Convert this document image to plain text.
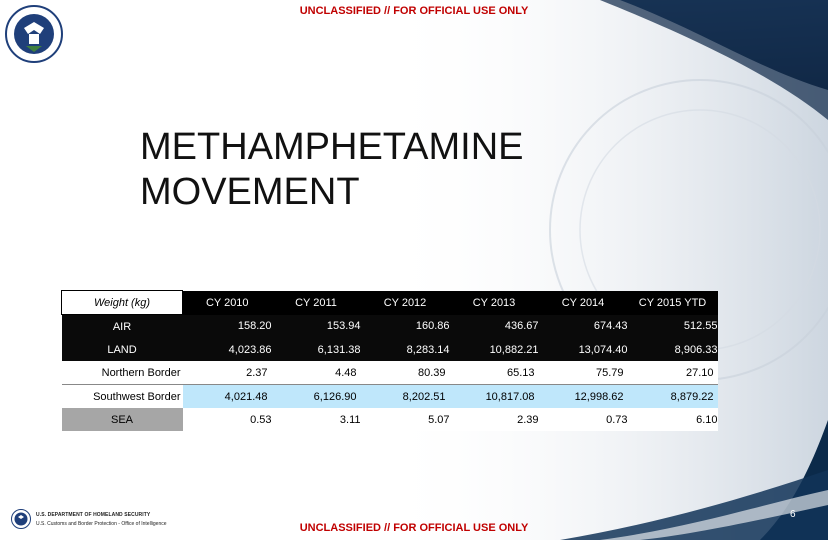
UNCLASSIFIED // FOR OFFICIAL USE ONLY
METHAMPHETAMINE
MOVEMENT
Weight (kg)	CY 2010	CY 2011	CY 2012	CY 2013	CY 2014	CY 2015 YTD
AIR	158.20	153.94	160.86	436.67	674.43	512.55
LAND	4,023.86	6,131.38	8,283.14	10,882.21	13,074.40	8,906.33
Northern Border	2.37	4.48	80.39	65.13	75.79	27.10
Southwest Border	4,021.48	6,126.90	8,202.51	10,817.08	12,998.62	8,879.22
SEA	0.53	3.11	5.07	2.39	0.73	6.10
U.S. DEPARTMENT OF HOMELAND SECURITY
U.S. Customs and Border Protection - Office of Intelligence	UNCLASSIFIED // FOR OFFICIAL USE ONLY
6
